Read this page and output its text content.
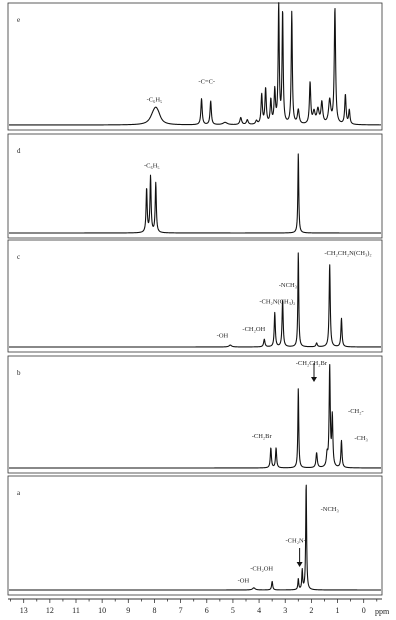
13 12 11 10	9	8	7	6	5	4	3	2	1	0 ppm
e
-C₆H₅
-C=C-
d
-C₆H₅
c
-OH
-CH₂OH
-CH₂N(CH₃)₂
-NCH₃
-CH₂CH₂N(CH₃)₂
b
-CH₂Br
-CH₂CH₂Br
-CH₂-
-CH₃
a
-OH
-CH₂OH
-CH₂N-
-NCH₃
